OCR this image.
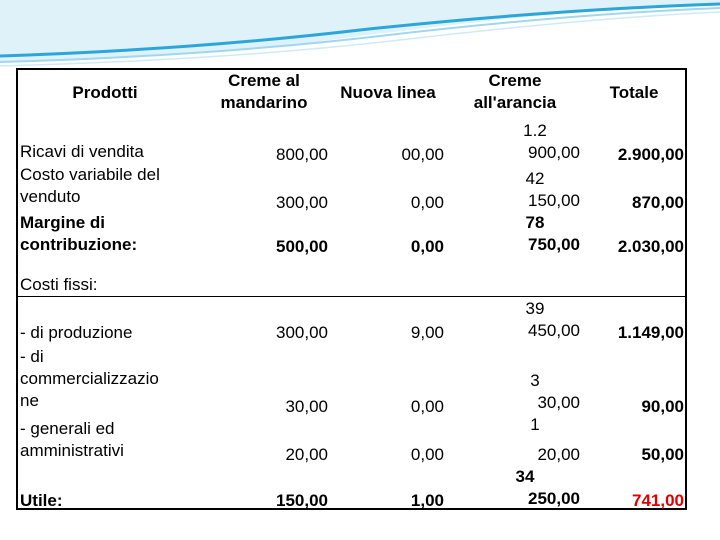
Prodotti
Creme al
mandarino
Nuova linea
Creme
all'arancia
Totale
Ricavi di vendita
Costo variabile del
venduto
Margine di
contribuzione:
Costi fissi:
- di produzione
- di
commercializzazio
ne
- generali ed
amministrativi
Utile:
800,00
300,00
500,00
300,00
30,00
20,00
150,00
00,00
0,00
0,00
9,00
0,00
0,00
1,00
1.2
900,00
42
150,00
78
750,00
39
450,00
3
30,00
1
20,00
34
250,00
2.900,00
870,00
2.030,00
1.149,00
90,00
50,00
741,00
